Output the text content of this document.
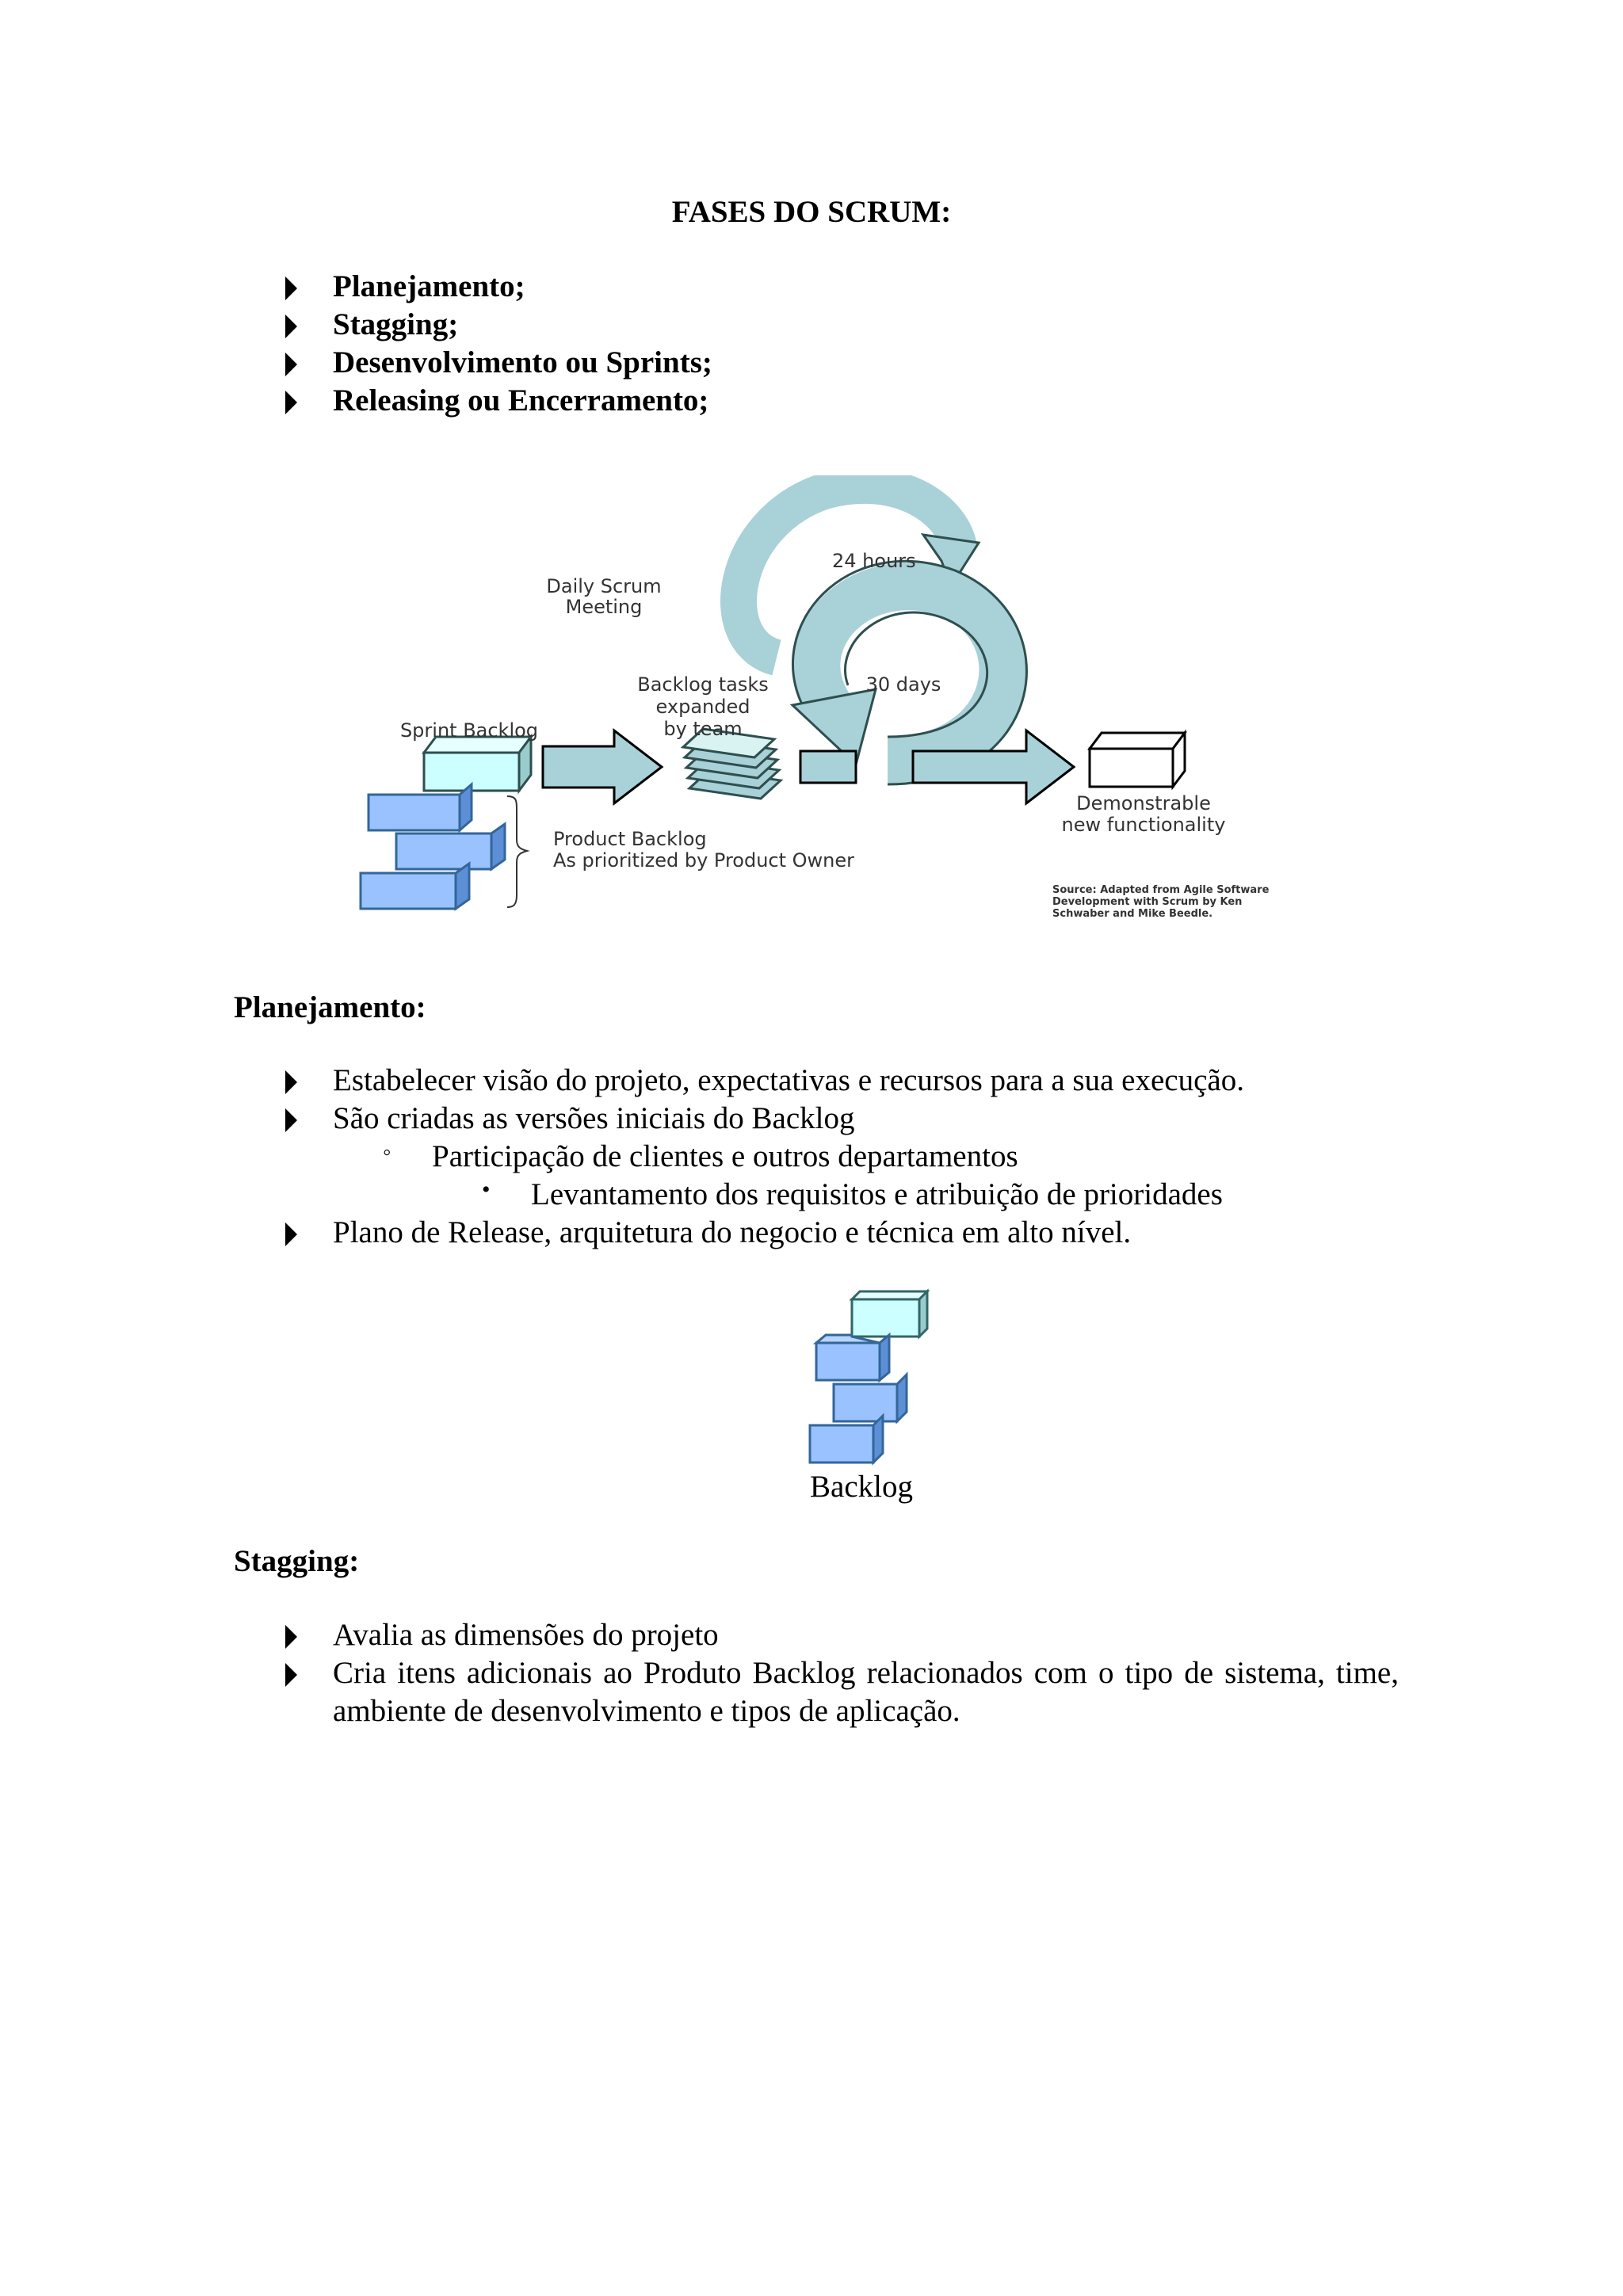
FASES DO SCRUM:
Planejamento;
Stagging;
Desenvolvimento ou Sprints;
Releasing ou Encerramento;
24 hours
Daily Scrum
Meeting
30 days
Backlog tasks
expanded
by team
Sprint Backlog
Product Backlog
As prioritized by Product Owner
Demonstrable
new functionality
Source: Adapted from Agile Software
Development with Scrum by Ken
Schwaber and Mike Beedle.
Planejamento:
Estabelecer visão do projeto, expectativas e recursos para a sua execução.
São criadas as versões iniciais do Backlog
◦ Participação de clientes e outros departamentos
• Levantamento dos requisitos e atribuição de prioridades
Plano de Release, arquitetura do negocio e técnica em alto nível.
Backlog
Stagging:
Avalia as dimensões do projeto
Cria itens adicionais ao Produto Backlog relacionados com o tipo de sistema, time, ambiente de desenvolvimento e tipos de aplicação.
